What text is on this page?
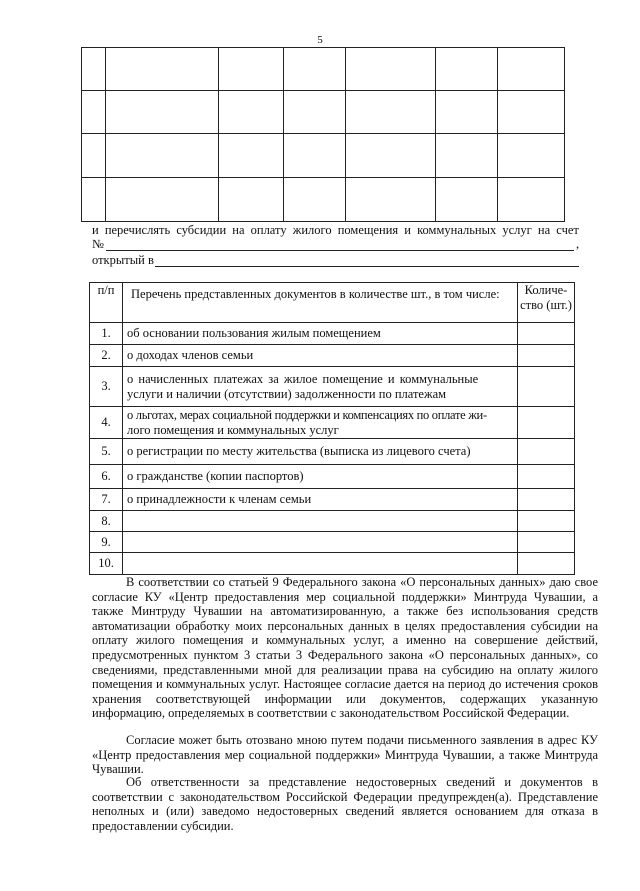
5

и перечислять субсидии на оплату жилого помещения и коммунальных услуг на счет
№	,
открытый в
п/п	Перечень представленных документов в количестве шт., в том числе:	Количе-
ство (шт.)

1.	об основании пользования жилым помещением	
2.	о доходах членов семьи	
3.	о начисленных платежах за жилое помещение и коммунальные
услуги и наличии (отсутствии) задолженности по платежам	

4.	о льготах, мерах социальной поддержки и компенсациях по оплате жи-
лого помещения и коммунальных услуг	

5.	о регистрации по месту жительства (выписка из лицевого счета)	
6.	о гражданстве (копии паспортов)	
7.	о принадлежности к членам семьи	
8.		
9.		
10.		

В соответствии со статьей 9 Федерального закона «О персональных данных» даю свое согласие КУ «Центр предоставления мер социальной поддержки» Минтруда Чувашии, а также Минтруду Чувашии на автоматизированную, а также без использования средств автоматизации обработку моих персональных данных в целях предоставления субсидии на оплату жилого помещения и коммунальных услуг, а именно на совершение действий, предусмотренных пунктом 3 статьи 3 Федерального закона «О персональных данных», со сведениями, представленными мной для реализации права на субсидию на оплату жилого помещения и коммунальных услуг. Настоящее согласие дается на период до истечения сроков хранения соответствующей информации или документов, содержащих указанную информацию, определяемых в соответствии с законодательством Российской Федерации.

Согласие может быть отозвано мною путем подачи письменного заявления в адрес КУ «Центр предоставления мер социальной поддержки» Минтруда Чувашии, а также Минтруда Чувашии.

Об ответственности за представление недостоверных сведений и документов в соответствии с законодательством Российской Федерации предупрежден(а). Представление неполных и (или) заведомо недостоверных сведений является основанием для отказа в предоставлении субсидии.
